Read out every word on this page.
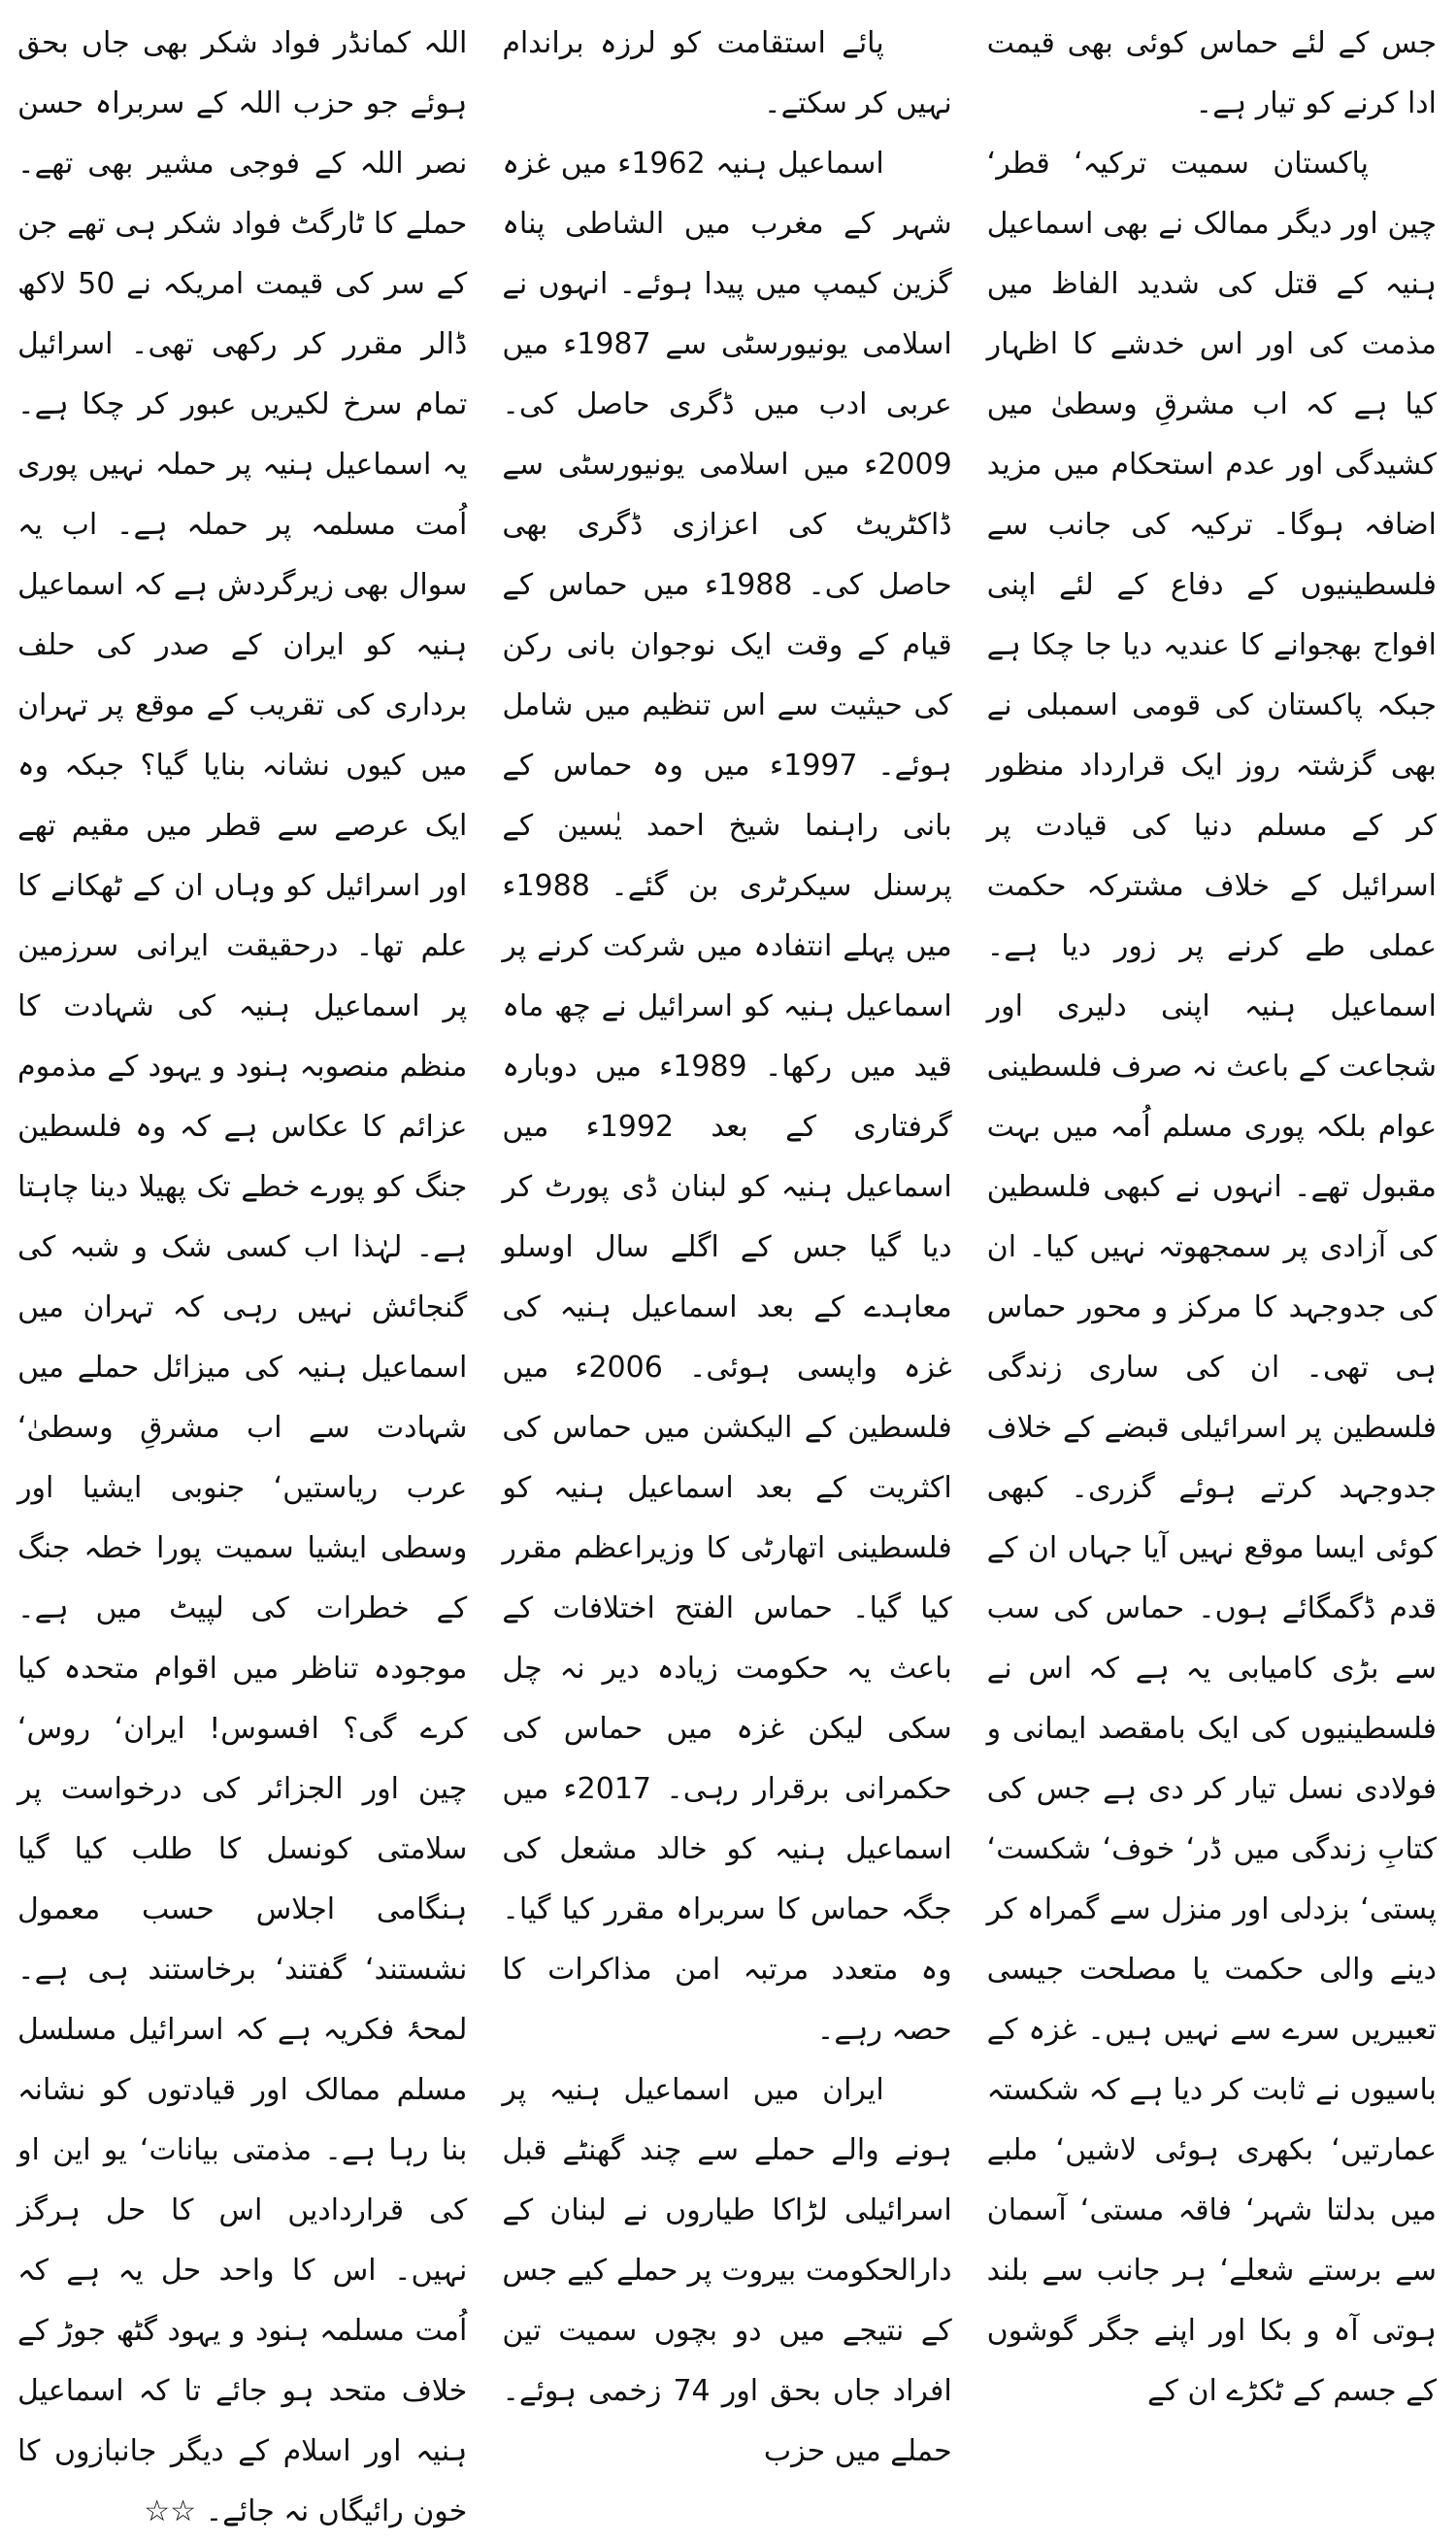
جس کے لئے حماس کوئی بھی قیمت ادا کرنے کو تیار ہے۔

پاکستان سمیت ترکیہ‘ قطر‘ چین اور دیگر ممالک نے بھی اسماعیل ہنیہ کے قتل کی شدید الفاظ میں مذمت کی اور اس خدشے کا اظہار کیا ہے کہ اب مشرقِ وسطیٰ میں کشیدگی اور عدم استحکام میں مزید اضافہ ہوگا۔ ترکیہ کی جانب سے فلسطینیوں کے دفاع کے لئے اپنی افواج بھجوانے کا عندیہ دیا جا چکا ہے جبکہ پاکستان کی قومی اسمبلی نے بھی گزشتہ روز ایک قرارداد منظور کر کے مسلم دنیا کی قیادت پر اسرائیل کے خلاف مشترکہ حکمت عملی طے کرنے پر زور دیا ہے۔ اسماعیل ہنیہ اپنی دلیری اور شجاعت کے باعث نہ صرف فلسطینی عوام بلکہ پوری مسلم اُمہ میں بہت مقبول تھے۔ انہوں نے کبھی فلسطین کی آزادی پر سمجھوتہ نہیں کیا۔ ان کی جدوجہد کا مرکز و محور حماس ہی تھی۔ ان کی ساری زندگی فلسطین پر اسرائیلی قبضے کے خلاف جدوجہد کرتے ہوئے گزری۔ کبھی کوئی ایسا موقع نہیں آیا جہاں ان کے قدم ڈگمگائے ہوں۔ حماس کی سب سے بڑی کامیابی یہ ہے کہ اس نے فلسطینیوں کی ایک بامقصد ایمانی و فولادی نسل تیار کر دی ہے جس کی کتابِ زندگی میں ڈر‘ خوف‘ شکست‘ پستی‘ بزدلی اور منزل سے گمراہ کر دینے والی حکمت یا مصلحت جیسی تعبیریں سرے سے نہیں ہیں۔ غزہ کے باسیوں نے ثابت کر دیا ہے کہ شکستہ عمارتیں‘ بکھری ہوئی لاشیں‘ ملبے میں بدلتا شہر‘ فاقہ مستی‘ آسمان سے برستے شعلے‘ ہر جانب سے بلند ہوتی آہ و بکا اور اپنے جگر گوشوں کے جسم کے ٹکڑے ان کے

پائے استقامت کو لرزہ براندام نہیں کر سکتے۔

اسماعیل ہنیہ 1962ء میں غزہ شہر کے مغرب میں الشاطی پناہ گزین کیمپ میں پیدا ہوئے۔ انہوں نے اسلامی یونیورسٹی سے 1987ء میں عربی ادب میں ڈگری حاصل کی۔ 2009ء میں اسلامی یونیورسٹی سے ڈاکٹریٹ کی اعزازی ڈگری بھی حاصل کی۔ 1988ء میں حماس کے قیام کے وقت ایک نوجوان بانی رکن کی حیثیت سے اس تنظیم میں شامل ہوئے۔ 1997ء میں وہ حماس کے بانی راہنما شیخ احمد یٰسین کے پرسنل سیکرٹری بن گئے۔ 1988ء میں پہلے انتفادہ میں شرکت کرنے پر اسماعیل ہنیہ کو اسرائیل نے چھ ماہ قید میں رکھا۔ 1989ء میں دوبارہ گرفتاری کے بعد 1992ء میں اسماعیل ہنیہ کو لبنان ڈی پورٹ کر دیا گیا جس کے اگلے سال اوسلو معاہدے کے بعد اسماعیل ہنیہ کی غزہ واپسی ہوئی۔ 2006ء میں فلسطین کے الیکشن میں حماس کی اکثریت کے بعد اسماعیل ہنیہ کو فلسطینی اتھارٹی کا وزیراعظم مقرر کیا گیا۔ حماس الفتح اختلافات کے باعث یہ حکومت زیادہ دیر نہ چل سکی لیکن غزہ میں حماس کی حکمرانی برقرار رہی۔ 2017ء میں اسماعیل ہنیہ کو خالد مشعل کی جگہ حماس کا سربراہ مقرر کیا گیا۔ وہ متعدد مرتبہ امن مذاکرات کا حصہ رہے۔

ایران میں اسماعیل ہنیہ پر ہونے والے حملے سے چند گھنٹے قبل اسرائیلی لڑاکا طیاروں نے لبنان کے دارالحکومت بیروت پر حملے کیے جس کے نتیجے میں دو بچوں سمیت تین افراد جاں بحق اور 74 زخمی ہوئے۔ حملے میں حزب

اللہ کمانڈر فواد شکر بھی جاں بحق ہوئے جو حزب اللہ کے سربراہ حسن نصر اللہ کے فوجی مشیر بھی تھے۔ حملے کا ٹارگٹ فواد شکر ہی تھے جن کے سر کی قیمت امریکہ نے 50 لاکھ ڈالر مقرر کر رکھی تھی۔ اسرائیل تمام سرخ لکیریں عبور کر چکا ہے۔ یہ اسماعیل ہنیہ پر حملہ نہیں پوری اُمت مسلمہ پر حملہ ہے۔ اب یہ سوال بھی زیرگردش ہے کہ اسماعیل ہنیہ کو ایران کے صدر کی حلف برداری کی تقریب کے موقع پر تہران میں کیوں نشانہ بنایا گیا؟ جبکہ وہ ایک عرصے سے قطر میں مقیم تھے اور اسرائیل کو وہاں ان کے ٹھکانے کا علم تھا۔ درحقیقت ایرانی سرزمین پر اسماعیل ہنیہ کی شہادت کا منظم منصوبہ ہنود و یہود کے مذموم عزائم کا عکاس ہے کہ وہ فلسطین جنگ کو پورے خطے تک پھیلا دینا چاہتا ہے۔ لہٰذا اب کسی شک و شبہ کی گنجائش نہیں رہی کہ تہران میں اسماعیل ہنیہ کی میزائل حملے میں شہادت سے اب مشرقِ وسطیٰ‘ عرب ریاستیں‘ جنوبی ایشیا اور وسطی ایشیا سمیت پورا خطہ جنگ کے خطرات کی لپیٹ میں ہے۔ موجودہ تناظر میں اقوام متحدہ کیا کرے گی؟ افسوس! ایران‘ روس‘ چین اور الجزائر کی درخواست پر سلامتی کونسل کا طلب کیا گیا ہنگامی اجلاس حسب معمول نشستند‘ گفتند‘ برخاستند ہی ہے۔ لمحۂ فکریہ ہے کہ اسرائیل مسلسل مسلم ممالک اور قیادتوں کو نشانہ بنا رہا ہے۔ مذمتی بیانات‘ یو این او کی قراردادیں اس کا حل ہرگز نہیں۔ اس کا واحد حل یہ ہے کہ اُمت مسلمہ ہنود و یہود گٹھ جوڑ کے خلاف متحد ہو جائے تا کہ اسماعیل ہنیہ اور اسلام کے دیگر جانبازوں کا خون رائیگاں نہ جائے۔ ☆☆
